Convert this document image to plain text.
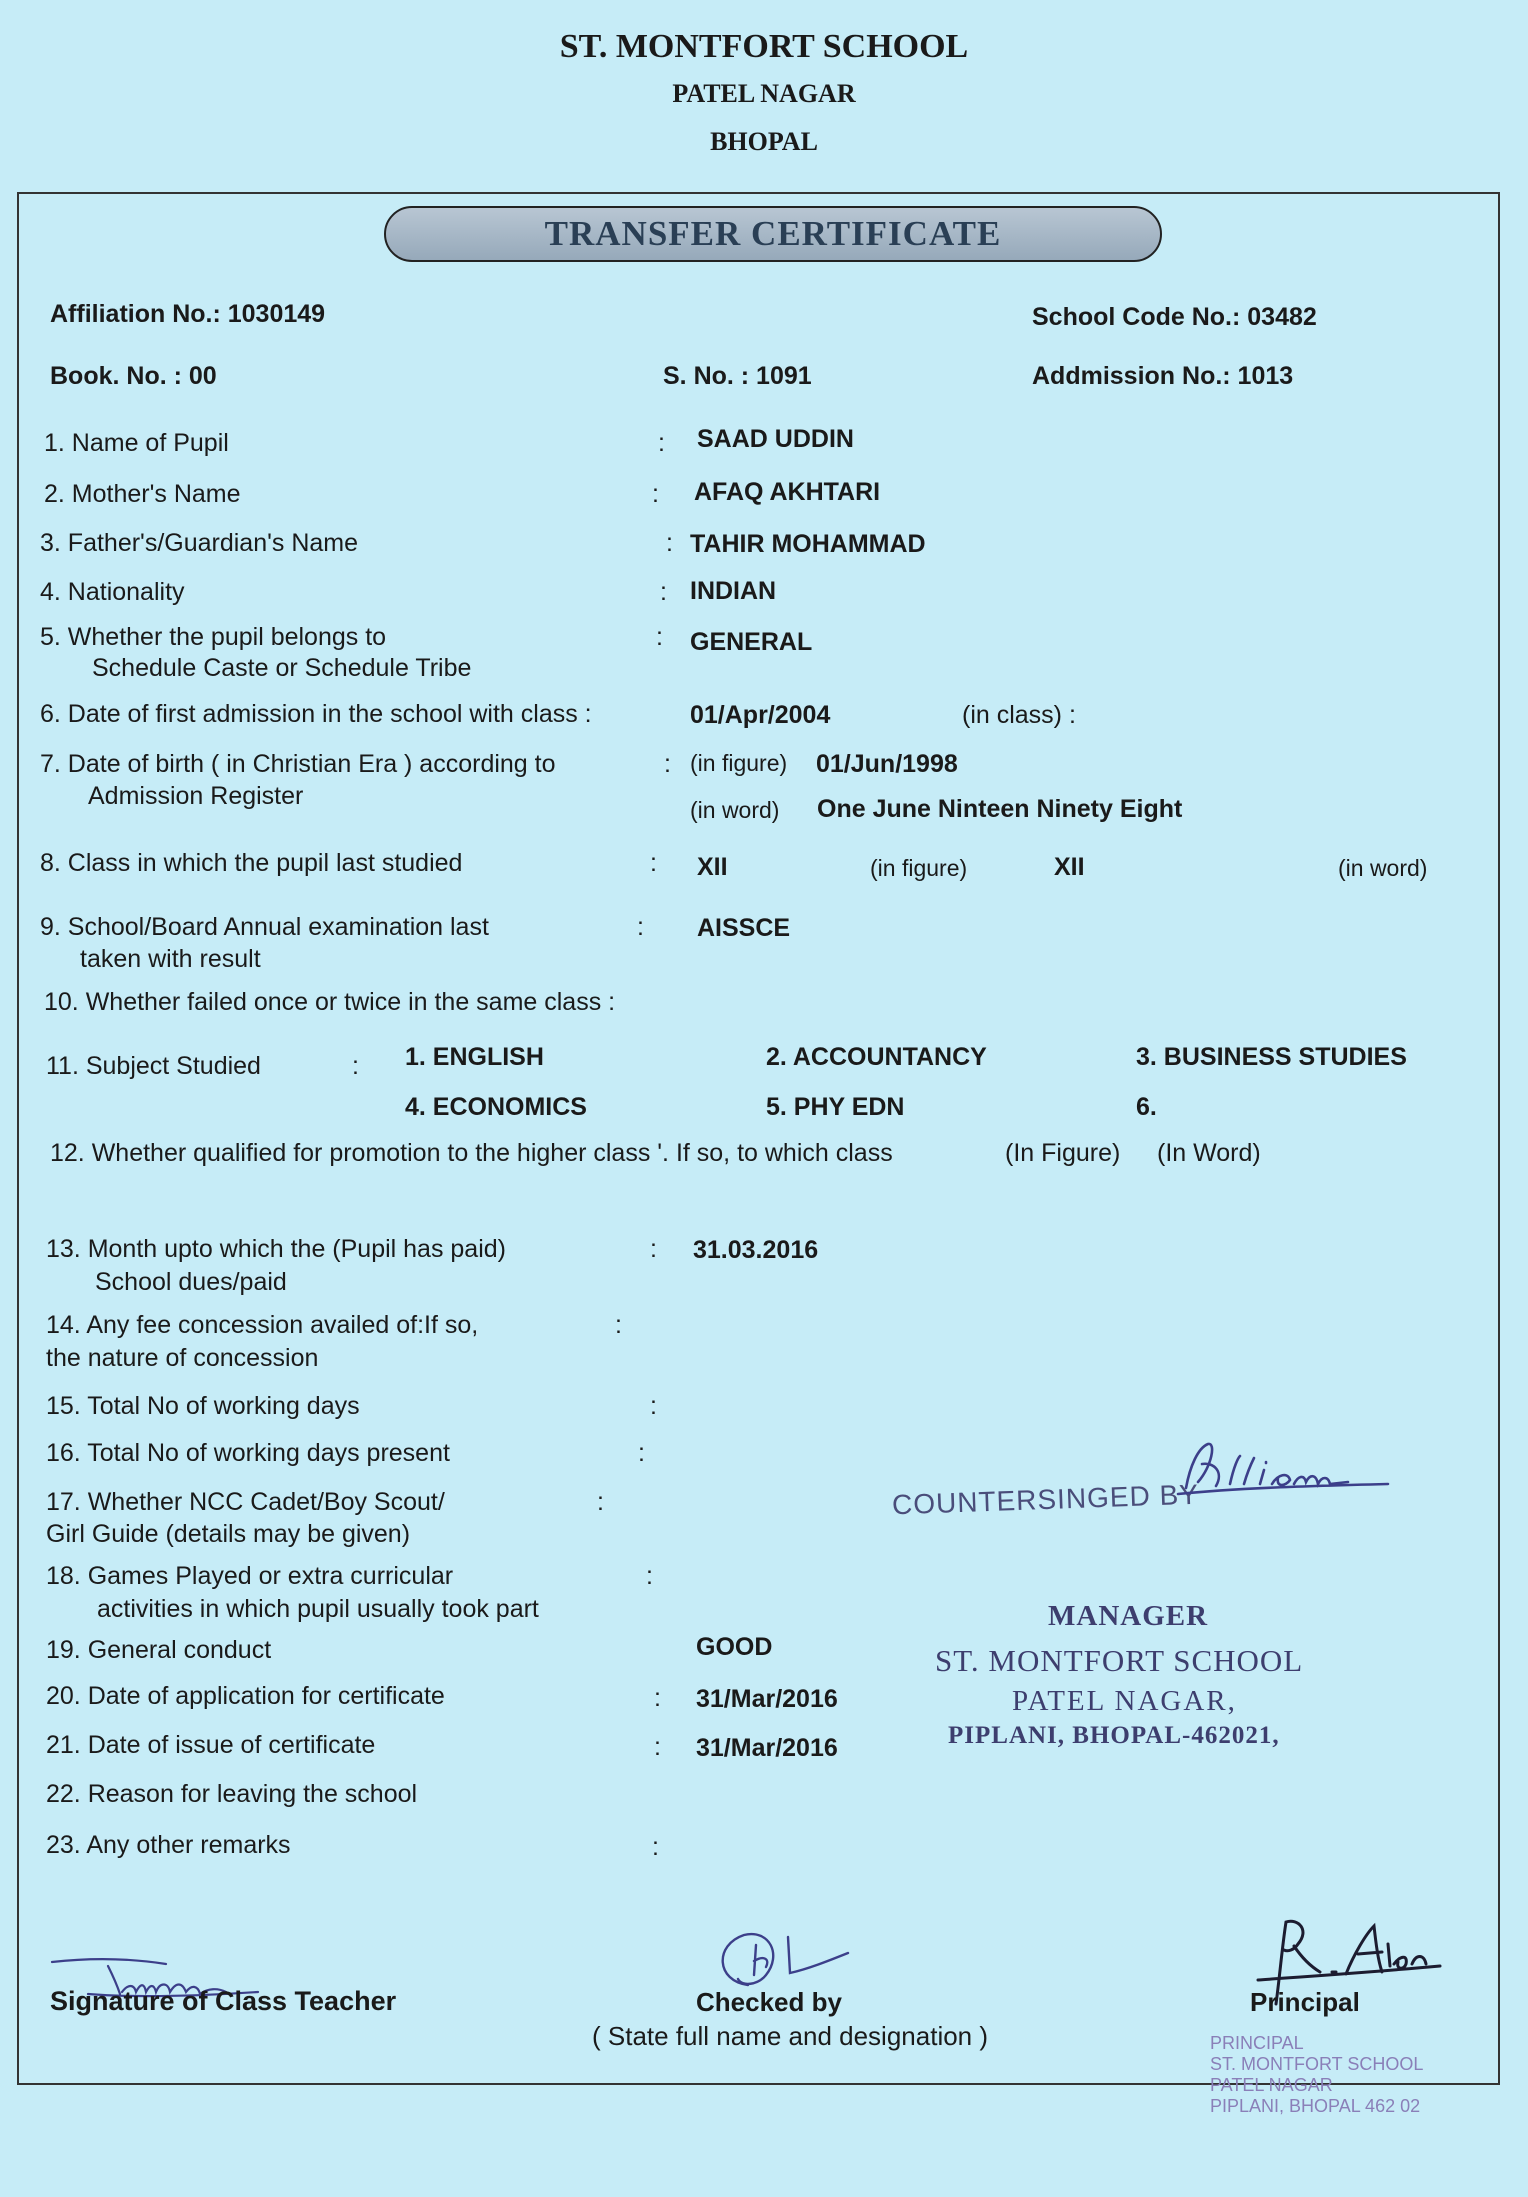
ST. MONTFORT SCHOOL
PATEL NAGAR
BHOPAL
TRANSFER CERTIFICATE
Affiliation No.: 1030149	School Code No.: 03482
Book. No. : 00	S. No. : 1091	Addmission No.: 1013
1. Name of Pupil	: SAAD UDDIN
2. Mother's Name	: AFAQ AKHTARI
3. Father's/Guardian's Name	: TAHIR MOHAMMAD
4. Nationality	: INDIAN
5. Whether the pupil belongs to
Schedule Caste or Schedule Tribe
: GENERAL
6. Date of first admission in the school with class :	01/Apr/2004	(in class) :
7. Date of birth ( in Christian Era ) according to
Admission Register
: (in figure) 01/Jun/1998
(in word) One June Ninteen Ninety Eight
8. Class in which the pupil last studied	: XII	(in figure)	XII	(in word)
9. School/Board Annual examination last
taken with result
: AISSCE
10. Whether failed once or twice in the same class :
11. Subject Studied	: 1. ENGLISH	2. ACCOUNTANCY	3. BUSINESS STUDIES
4. ECONOMICS	5. PHY EDN	6.
12. Whether qualified for promotion to the higher class '. If so, to which class	(In Figure) (In Word)
13. Month upto which the (Pupil has paid)
School dues/paid
: 31.03.2016
14. Any fee concession availed of:If so,
the nature of concession
:
15. Total No of working days	:
16. Total No of working days present	:
17. Whether NCC Cadet/Boy Scout/
Girl Guide (details may be given)
:
18. Games Played or extra curricular
activities in which pupil usually took part
:
19. General conduct	GOOD
20. Date of application for certificate	: 31/Mar/2016
21. Date of issue of certificate	: 31/Mar/2016
22. Reason for leaving the school
23. Any other remarks	:
COUNTERSINGED BY
MANAGER
ST. MONTFORT SCHOOL
PATEL NAGAR,
PIPLANI, BHOPAL-462021,
Signature of Class Teacher	Checked by
( State full name and designation )
Principal
PRINCIPAL
ST. MONTFORT SCHOOL
PATEL NAGAR
PIPLANI, BHOPAL 462 02
